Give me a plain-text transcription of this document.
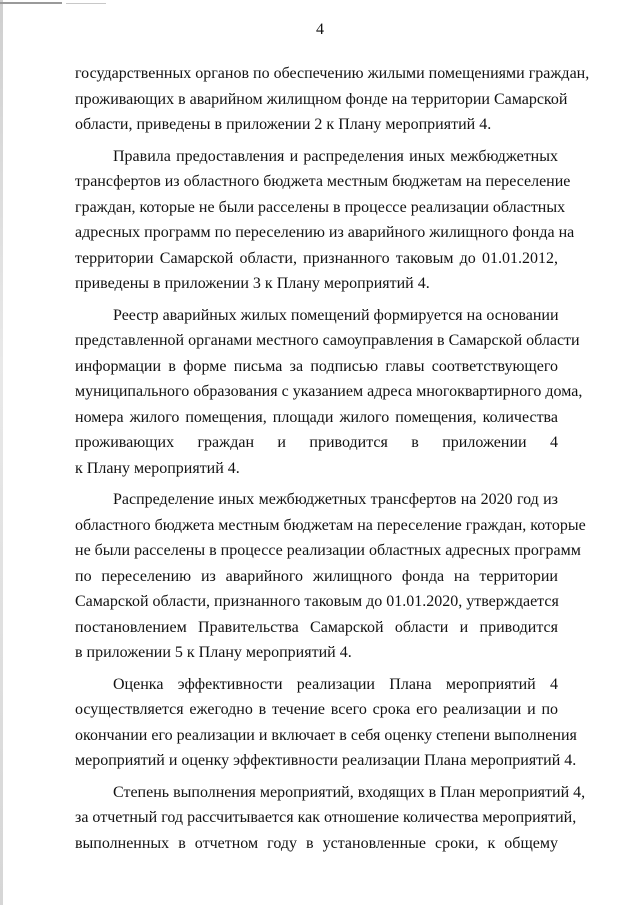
4
государственных органов по обеспечению жилыми помещениями граждан,
проживающих в аварийном жилищном фонде на территории Самарской
области, приведены в приложении 2 к Плану мероприятий 4.
Правила предоставления и распределения иных межбюджетных
трансфертов из областного бюджета местным бюджетам на переселение
граждан, которые не были расселены в процессе реализации областных
адресных программ по переселению из аварийного жилищного фонда на
территории Самарской области, признанного таковым до 01.01.2012,
приведены в приложении 3 к Плану мероприятий 4.
Реестр аварийных жилых помещений формируется на основании
представленной органами местного самоуправления в Самарской области
информации в форме письма за подписью главы соответствующего
муниципального образования с указанием адреса многоквартирного дома,
номера жилого помещения, площади жилого помещения, количества
проживающих граждан и приводится в приложении 4
к Плану мероприятий 4.
Распределение иных межбюджетных трансфертов на 2020 год из
областного бюджета местным бюджетам на переселение граждан, которые
не были расселены в процессе реализации областных адресных программ
по переселению из аварийного жилищного фонда на территории
Самарской области, признанного таковым до 01.01.2020, утверждается
постановлением Правительства Самарской области и приводится
в приложении 5 к Плану мероприятий 4.
Оценка эффективности реализации Плана мероприятий 4
осуществляется ежегодно в течение всего срока его реализации и по
окончании его реализации и включает в себя оценку степени выполнения
мероприятий и оценку эффективности реализации Плана мероприятий 4.
Степень выполнения мероприятий, входящих в План мероприятий 4,
за отчетный год рассчитывается как отношение количества мероприятий,
выполненных в отчетном году в установленные сроки, к общему
